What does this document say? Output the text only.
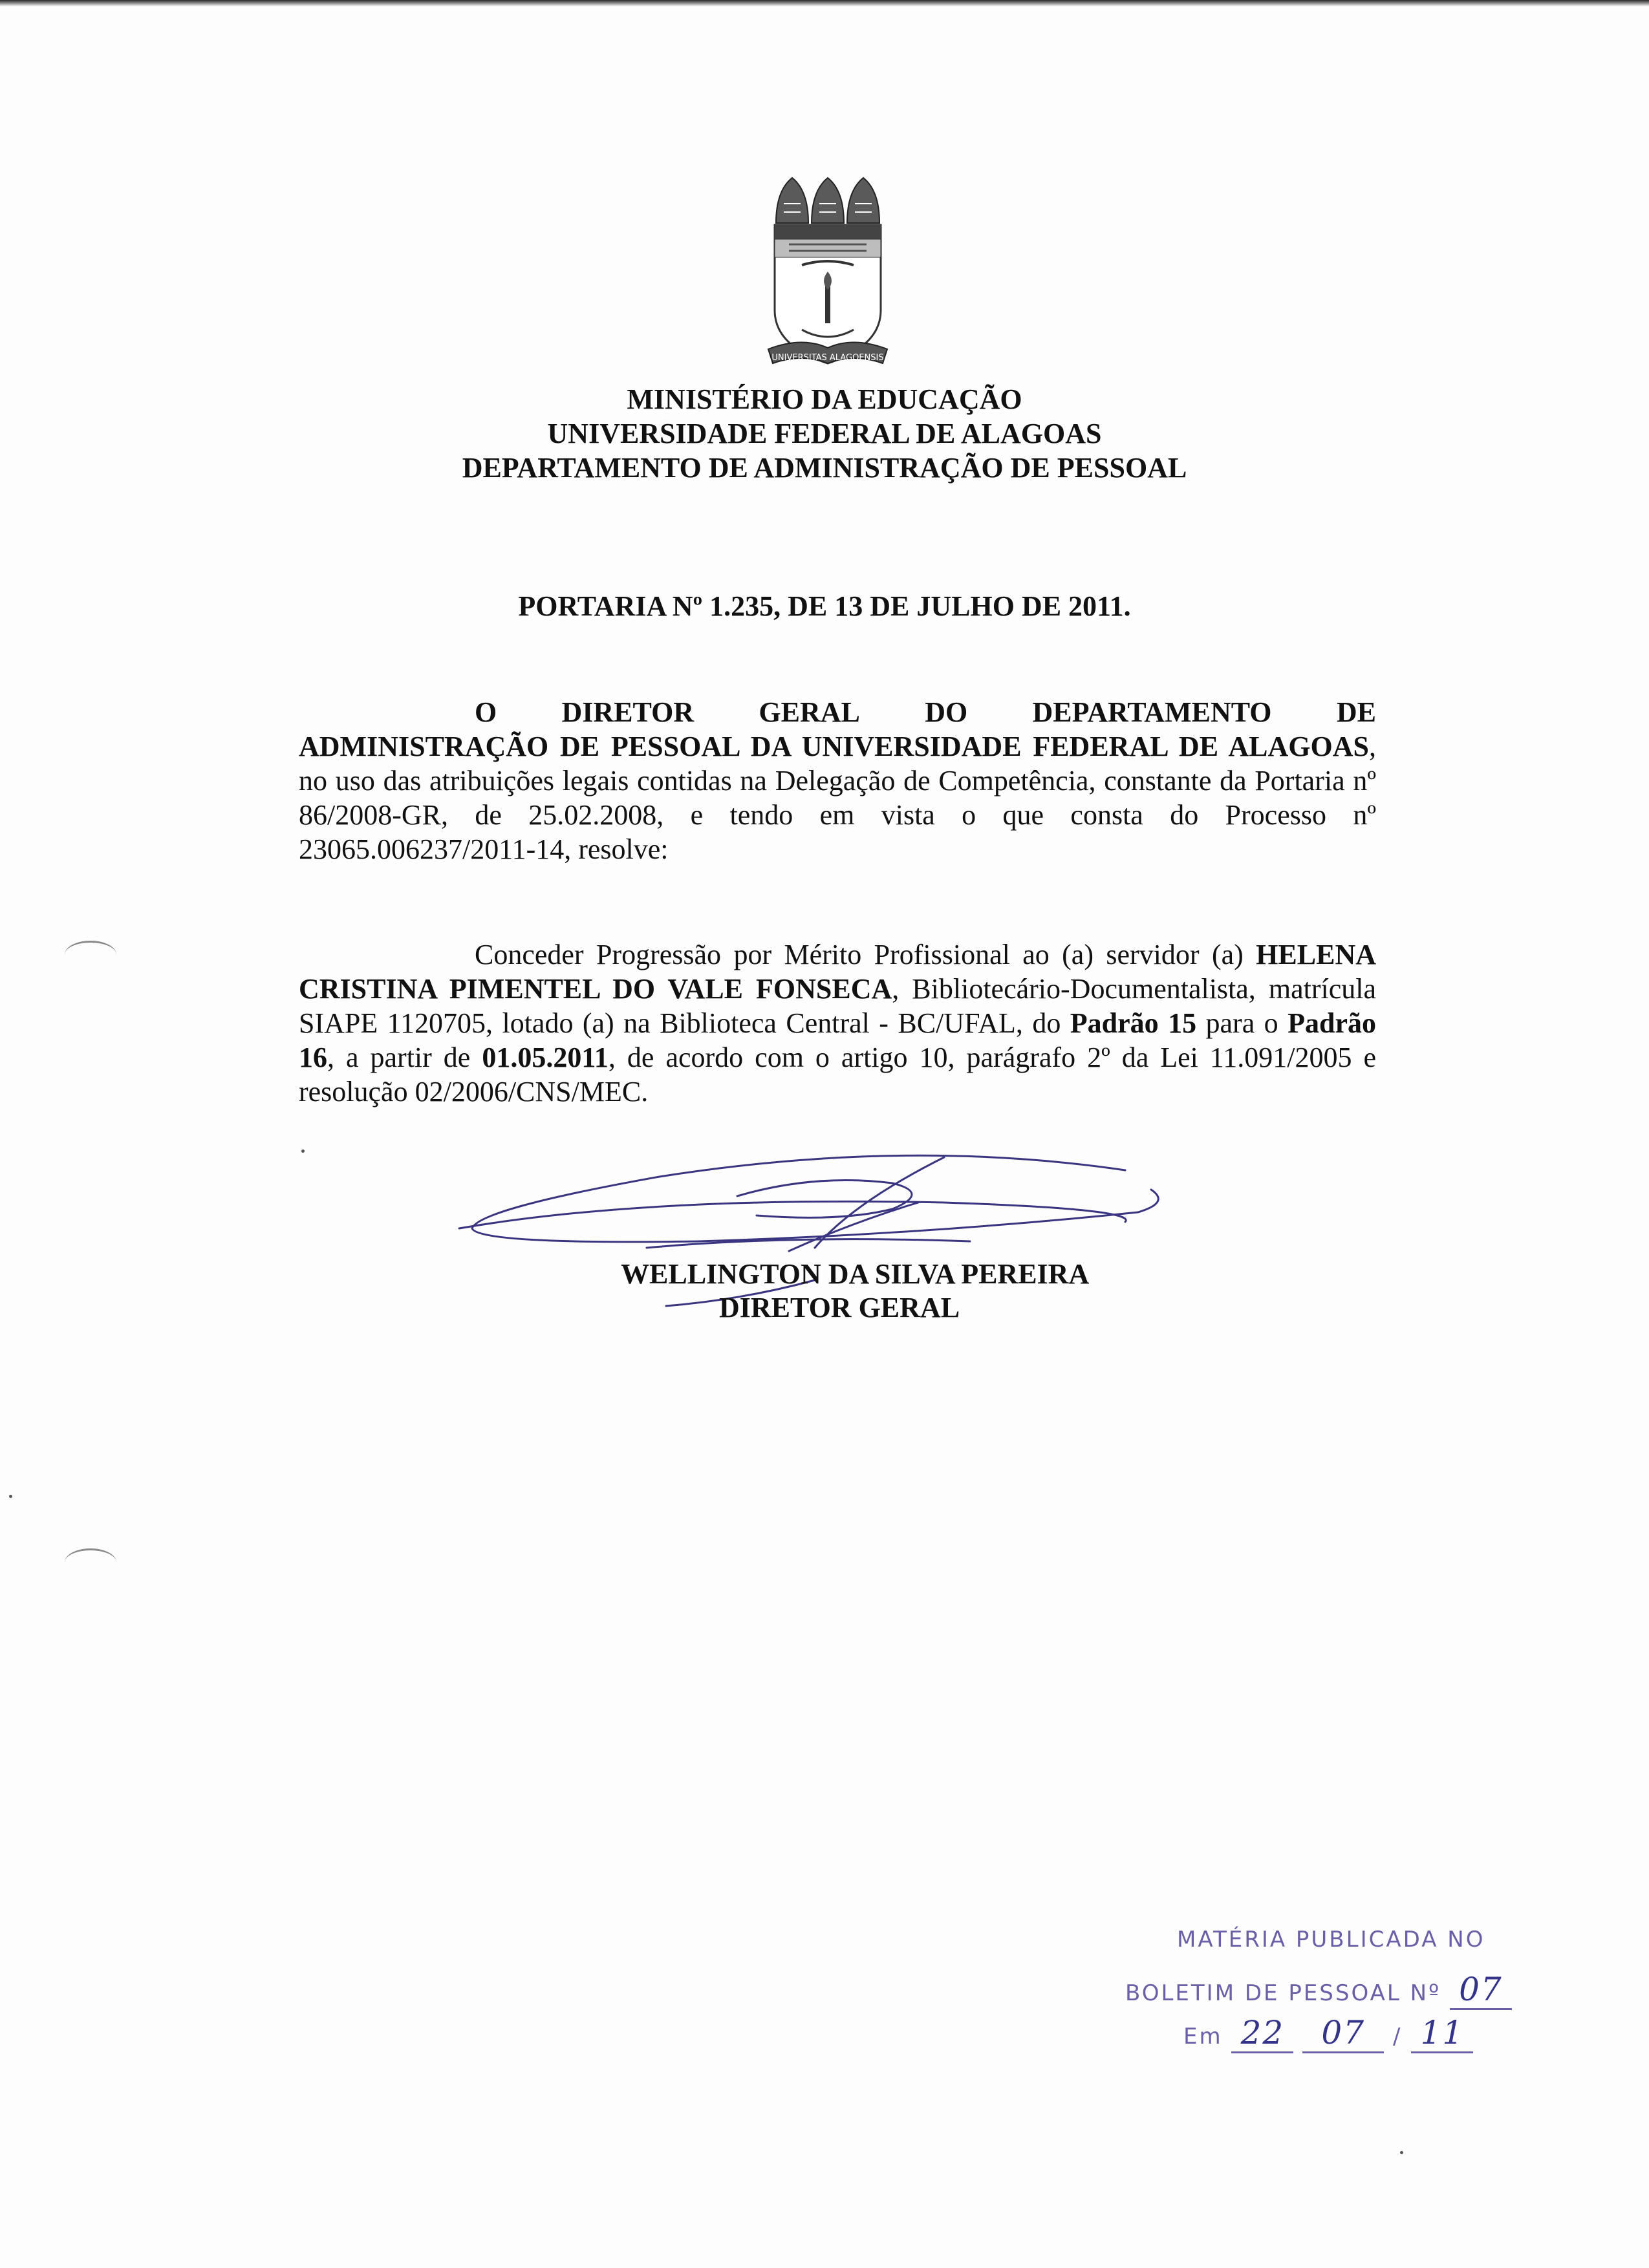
UNIVERSITAS ALAGOENSIS

MINISTÉRIO DA EDUCAÇÃO

UNIVERSIDADE FEDERAL DE ALAGOAS

DEPARTAMENTO DE ADMINISTRAÇÃO DE PESSOAL

PORTARIA Nº 1.235, DE 13 DE JULHO DE 2011.

O DIRETOR GERAL DO DEPARTAMENTO DE
ADMINISTRAÇÃO DE PESSOAL DA UNIVERSIDADE FEDERAL DE ALAGOAS, no uso das atribuições legais contidas na Delegação de Competência, constante da Portaria nº 86/2008-GR, de 25.02.2008, e tendo em vista o que consta do Processo nº 23065.006237/2011-14, resolve:
Conceder Progressão por Mérito Profissional ao (a) servidor (a) HELENA CRISTINA PIMENTEL DO VALE FONSECA, Bibliotecário-Documentalista, matrícula SIAPE 1120705, lotado (a) na Biblioteca Central - BC/UFAL, do Padrão 15 para o Padrão 16, a partir de 01.05.2011, de acordo com o artigo 10, parágrafo 2º da Lei 11.091/2005 e resolução 02/2006/CNS/MEC.

WELLINGTON DA SILVA PEREIRA

DIRETOR GERAL

MATÉRIA PUBLICADA NO
BOLETIM DE PESSOAL Nº 07
Em 22 07 / 11
